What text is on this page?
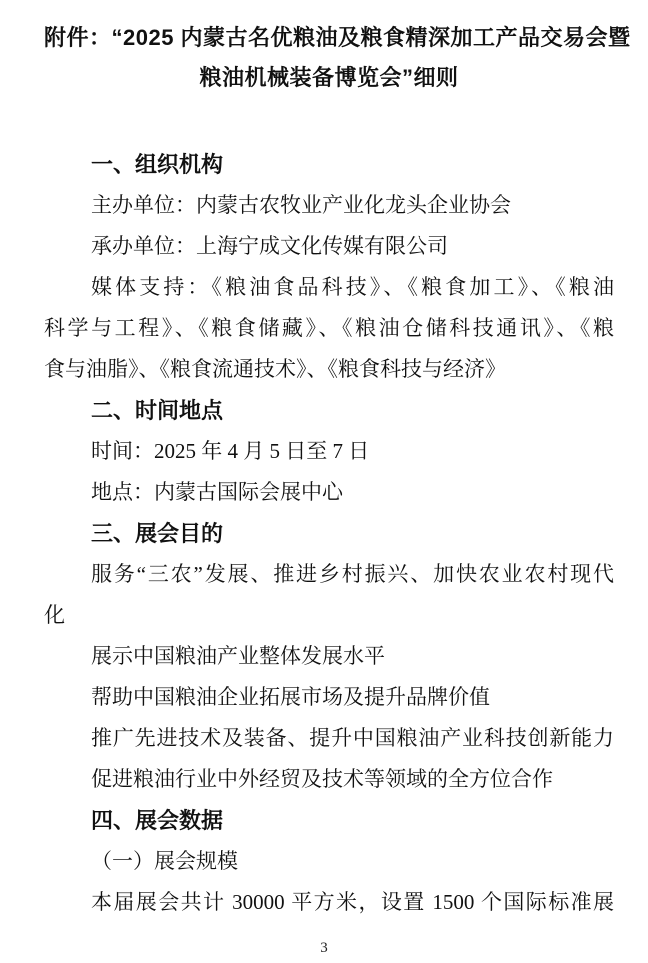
附件：“2025 内蒙古名优粮油及粮食精深加工产品交易会暨
粮油机械装备博览会”细则
一、组织机构
主办单位：内蒙古农牧业产业化龙头企业协会
承办单位：上海宁成文化传媒有限公司
媒体支持：《粮油食品科技》、《粮食加工》、《粮油
科学与工程》、《粮食储藏》、《粮油仓储科技通讯》、《粮
食与油脂》、《粮食流通技术》、《粮食科技与经济》
二、时间地点
时间：2025 年 4 月 5 日至 7 日
地点：内蒙古国际会展中心
三、展会目的
服务“三农”发展、推进乡村振兴、加快农业农村现代
化
展示中国粮油产业整体发展水平
帮助中国粮油企业拓展市场及提升品牌价值
推广先进技术及装备、提升中国粮油产业科技创新能力
促进粮油行业中外经贸及技术等领域的全方位合作
四、展会数据
（一）展会规模
本届展会共计 30000 平方米，设置 1500 个国际标准展
3
